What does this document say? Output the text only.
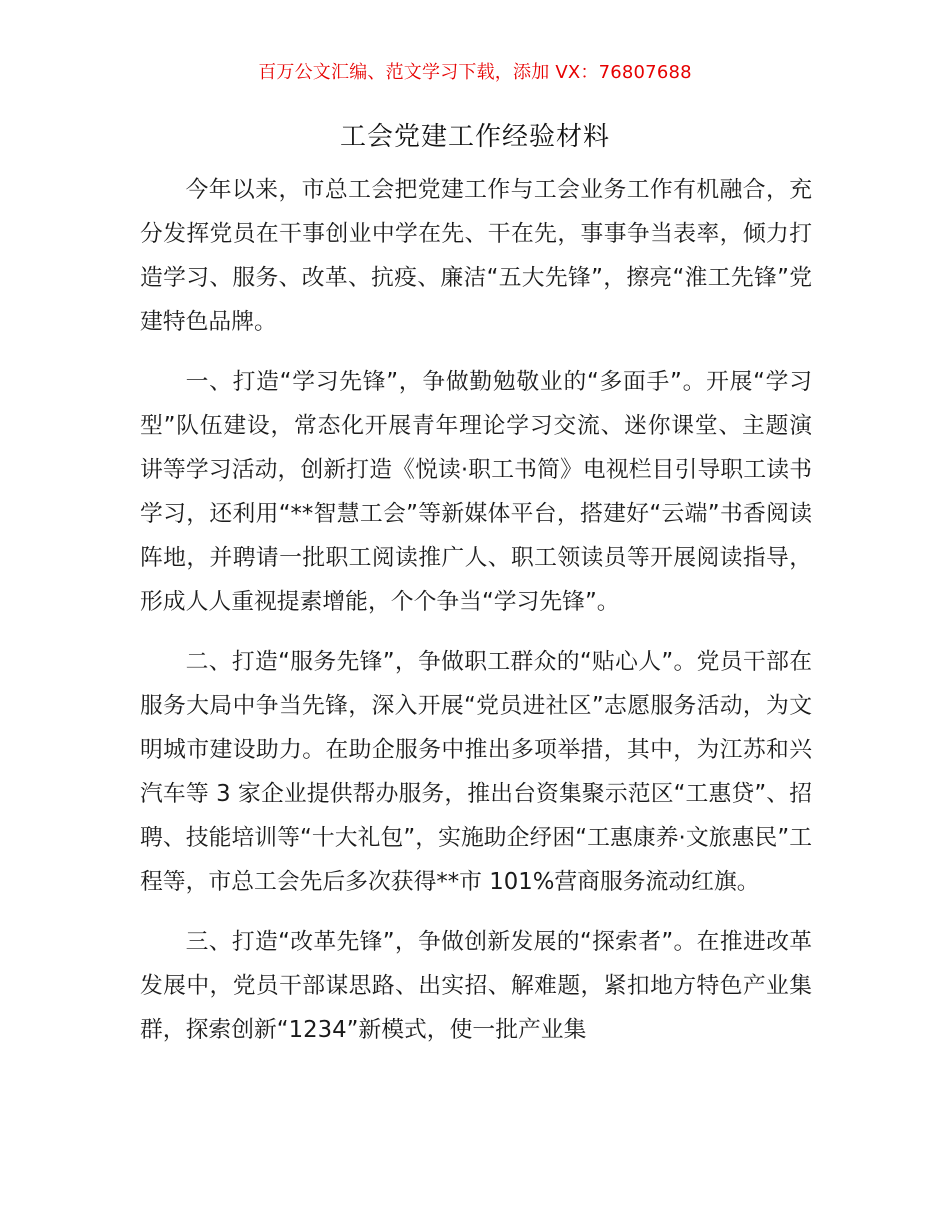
百万公文汇编、范文学习下载，添加 VX：76807688
工会党建工作经验材料

今年以来，市总工会把党建工作与工会业务工作有机融合，充分发挥党员在干事创业中学在先、干在先，事事争当表率，倾力打造学习、服务、改革、抗疫、廉洁“五大先锋”，擦亮“淮工先锋”党建特色品牌。

一、打造“学习先锋”，争做勤勉敬业的“多面手”。开展“学习型”队伍建设，常态化开展青年理论学习交流、迷你课堂、主题演讲等学习活动，创新打造《悦读·职工书简》电视栏目引导职工读书学习，还利用“**智慧工会”等新媒体平台，搭建好“云端”书香阅读阵地，并聘请一批职工阅读推广人、职工领读员等开展阅读指导，形成人人重视提素增能，个个争当“学习先锋”。

二、打造“服务先锋”，争做职工群众的“贴心人”。党员干部在服务大局中争当先锋，深入开展“党员进社区”志愿服务活动，为文明城市建设助力。在助企服务中推出多项举措，其中，为江苏和兴汽车等 3 家企业提供帮办服务，推出台资集聚示范区“工惠贷”、招聘、技能培训等“十大礼包”，实施助企纾困“工惠康养·文旅惠民”工程等，市总工会先后多次获得**市 101%营商服务流动红旗。

三、打造“改革先锋”，争做创新发展的“探索者”。在推进改革发展中，党员干部谋思路、出实招、解难题，紧扣地方特色产业集群，探索创新“1234”新模式，使一批产业集
